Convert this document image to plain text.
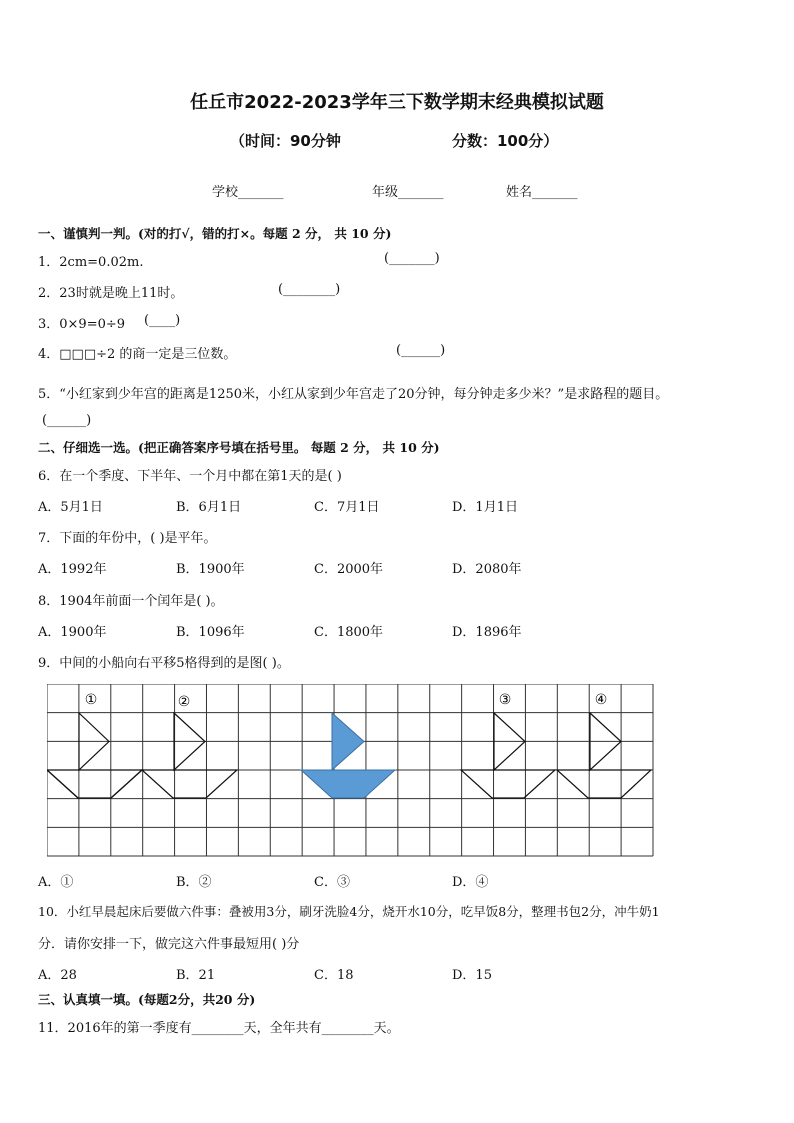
任丘市2022-2023学年三下数学期末经典模拟试题
（时间：90分钟	分数：100分）
学校_______	年级_______	姓名_______
一、谨慎判一判。(对的打√，错的打×。每题 2 分， 共 10 分)
1．2cm=0.02m.	(_______)
2．23时就是晚上11时。	(________)
3．0×9=0÷9 (____)
4．□□□÷2 的商一定是三位数。	(______)
5．“小红家到少年宫的距离是1250米，小红从家到少年宫走了20分钟，每分钟走多少米？”是求路程的题目。
(______)
二、仔细选一选。(把正确答案序号填在括号里。 每题 2 分， 共 10 分)
6．在一个季度、下半年、一个月中都在第1天的是( )
A．5月1日	B．6月1日	C．7月1日	D．1月1日
7．下面的年份中，( )是平年。
A．1992年	B．1900年	C．2000年	D．2080年
8．1904年前面一个闰年是( )。
A．1900年	B．1096年	C．1800年	D．1896年
9．中间的小船向右平移5格得到的是图( )。
①	②	③	④
A．①	B．②	C．③	D．④
10．小红早晨起床后要做六件事：叠被用3分，刷牙洗脸4分，烧开水10分，吃早饭8分，整理书包2分，冲牛奶1
分．请你安排一下，做完这六件事最短用( )分
A．28	B．21	C．18	D．15
三、认真填一填。(每题2分，共20 分)
11．2016年的第一季度有________天，全年共有________天。
